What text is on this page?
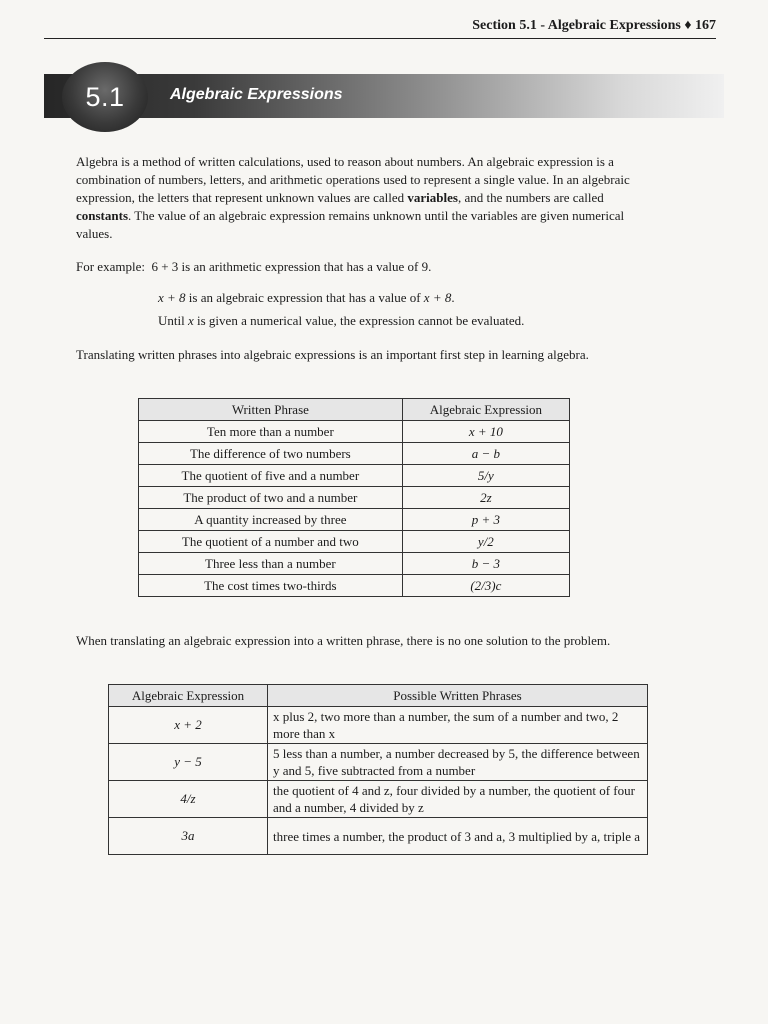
Section 5.1 - Algebraic Expressions ♦ 167
5.1	Algebraic Expressions

Algebra is a method of written calculations, used to reason about numbers. An algebraic expression is a combination of numbers, letters, and arithmetic operations used to represent a single value. In an algebraic expression, the letters that represent unknown values are called variables, and the numbers are called constants. The value of an algebraic expression remains unknown until the variables are given numerical values.

For example: 6 + 3 is an arithmetic expression that has a value of 9.
x + 8 is an algebraic expression that has a value of x + 8.
Until x is given a numerical value, the expression cannot be evaluated.
Translating written phrases into algebraic expressions is an important first step in learning algebra.
Written Phrase	Algebraic Expression
Ten more than a number	x + 10
The difference of two numbers	a − b
The quotient of five and a number	5/y
The product of two and a number	2z
A quantity increased by three	p + 3
The quotient of a number and two	y/2
Three less than a number	b − 3
The cost times two-thirds	(2/3)c
When translating an algebraic expression into a written phrase, there is no one solution to the problem.
Algebraic Expression	Possible Written Phrases
x + 2	x plus 2, two more than a number, the sum of a number and two, 2 more than x
y − 5	5 less than a number, a number decreased by 5, the difference between y and 5, five subtracted from a number
4/z	the quotient of 4 and z, four divided by a number, the quotient of four and a number, 4 divided by z
3a	three times a number, the product of 3 and a, 3 multiplied by a, triple a
